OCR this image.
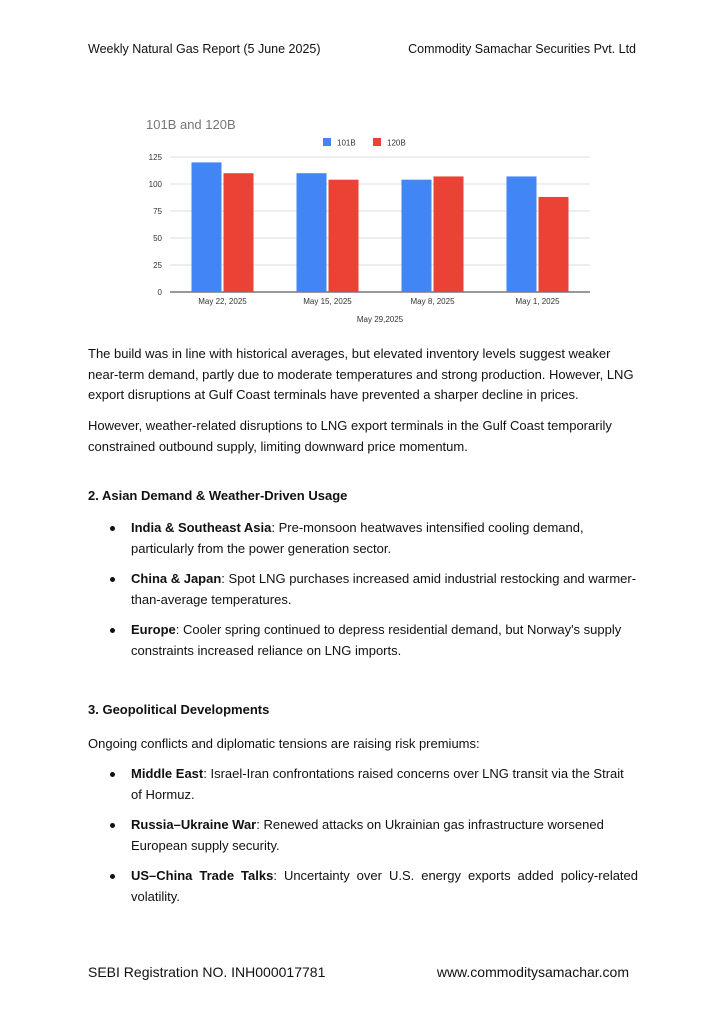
Weekly Natural Gas Report (5 June 2025)	Commodity Samachar Securities Pvt. Ltd
101B and 120B
101B	120B
0
25
50
75
100
125
May 22, 2025	May 15, 2025	May 8, 2025	May 1, 2025
May 29,2025
The build was in line with historical averages, but elevated inventory levels suggest weaker near-term demand, partly due to moderate temperatures and strong production. However, LNG export disruptions at Gulf Coast terminals have prevented a sharper decline in prices.
However, weather-related disruptions to LNG export terminals in the Gulf Coast temporarily constrained outbound supply, limiting downward price momentum.
2. Asian Demand & Weather-Driven Usage
India & Southeast Asia: Pre-monsoon heatwaves intensified cooling demand, particularly from the power generation sector.
China & Japan: Spot LNG purchases increased amid industrial restocking and warmer-than-average temperatures.
Europe: Cooler spring continued to depress residential demand, but Norway's supply constraints increased reliance on LNG imports.
3. Geopolitical Developments
Ongoing conflicts and diplomatic tensions are raising risk premiums:
Middle East: Israel-Iran confrontations raised concerns over LNG transit via the Strait of Hormuz.
Russia–Ukraine War: Renewed attacks on Ukrainian gas infrastructure worsened European supply security.
US–China Trade Talks: Uncertainty over U.S. energy exports added policy-related volatility.
SEBI Registration NO. INH000017781	www.commoditysamachar.com
